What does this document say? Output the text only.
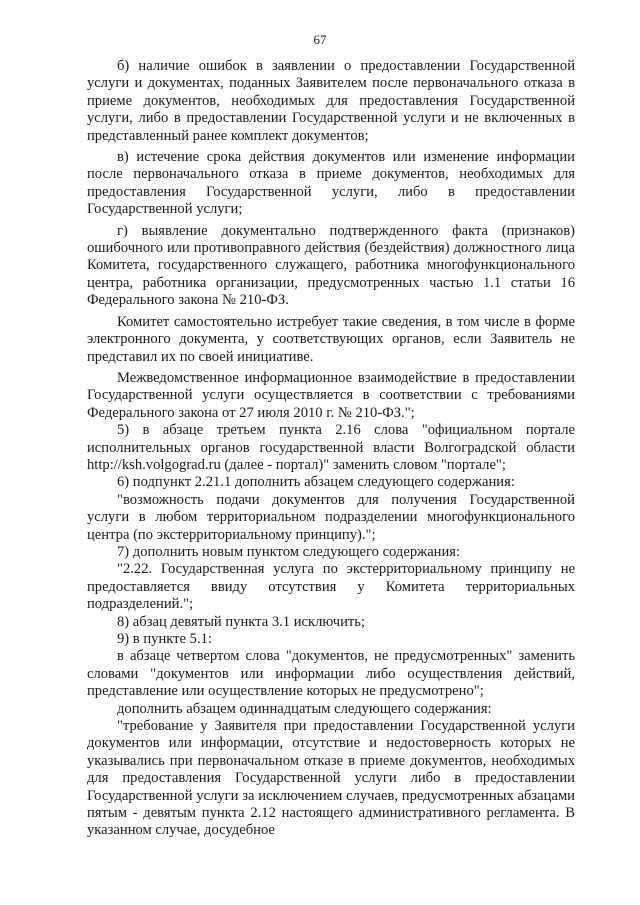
67

б) наличие ошибок в заявлении о предоставлении Государственной услуги и документах, поданных Заявителем после первоначального отказа в приеме документов, необходимых для предоставления Государственной услуги, либо в предоставлении Государственной услуги и не включенных в представленный ранее комплект документов;

в) истечение срока действия документов или изменение информации после первоначального отказа в приеме документов, необходимых для предоставления Государственной услуги, либо в предоставлении Государственной услуги;

г) выявление документально подтвержденного факта (признаков) ошибочного или противоправного действия (бездействия) должностного лица Комитета, государственного служащего, работника многофункционального центра, работника организации, предусмотренных частью 1.1 статьи 16 Федерального закона № 210-ФЗ.

Комитет самостоятельно истребует такие сведения, в том числе в форме электронного документа, у соответствующих органов, если Заявитель не представил их по своей инициативе.

Межведомственное информационное взаимодействие в предоставлении Государственной услуги осуществляется в соответствии с требованиями Федерального закона от 27 июля 2010 г. № 210-ФЗ.";

5) в абзаце третьем пункта 2.16 слова "официальном портале исполнительных органов государственной власти Волгоградской области http://ksh.volgograd.ru (далее - портал)" заменить словом "портале";

6) подпункт 2.21.1 дополнить абзацем следующего содержания:

"возможность подачи документов для получения Государственной услуги в любом территориальном подразделении многофункционального центра (по экстерриториальному принципу).";

7) дополнить новым пунктом следующего содержания:

"2.22. Государственная услуга по экстерриториальному принципу не предоставляется ввиду отсутствия у Комитета территориальных подразделений.";

8) абзац девятый пункта 3.1 исключить;

9) в пункте 5.1:

в абзаце четвертом слова "документов, не предусмотренных" заменить словами "документов или информации либо осуществления действий, представление или осуществление которых не предусмотрено";

дополнить абзацем одиннадцатым следующего содержания:

"требование у Заявителя при предоставлении Государственной услуги документов или информации, отсутствие и недостоверность которых не указывались при первоначальном отказе в приеме документов, необходимых для предоставления Государственной услуги либо в предоставлении Государственной услуги за исключением случаев, предусмотренных абзацами пятым - девятым пункта 2.12 настоящего административного регламента. В указанном случае, досудебное
